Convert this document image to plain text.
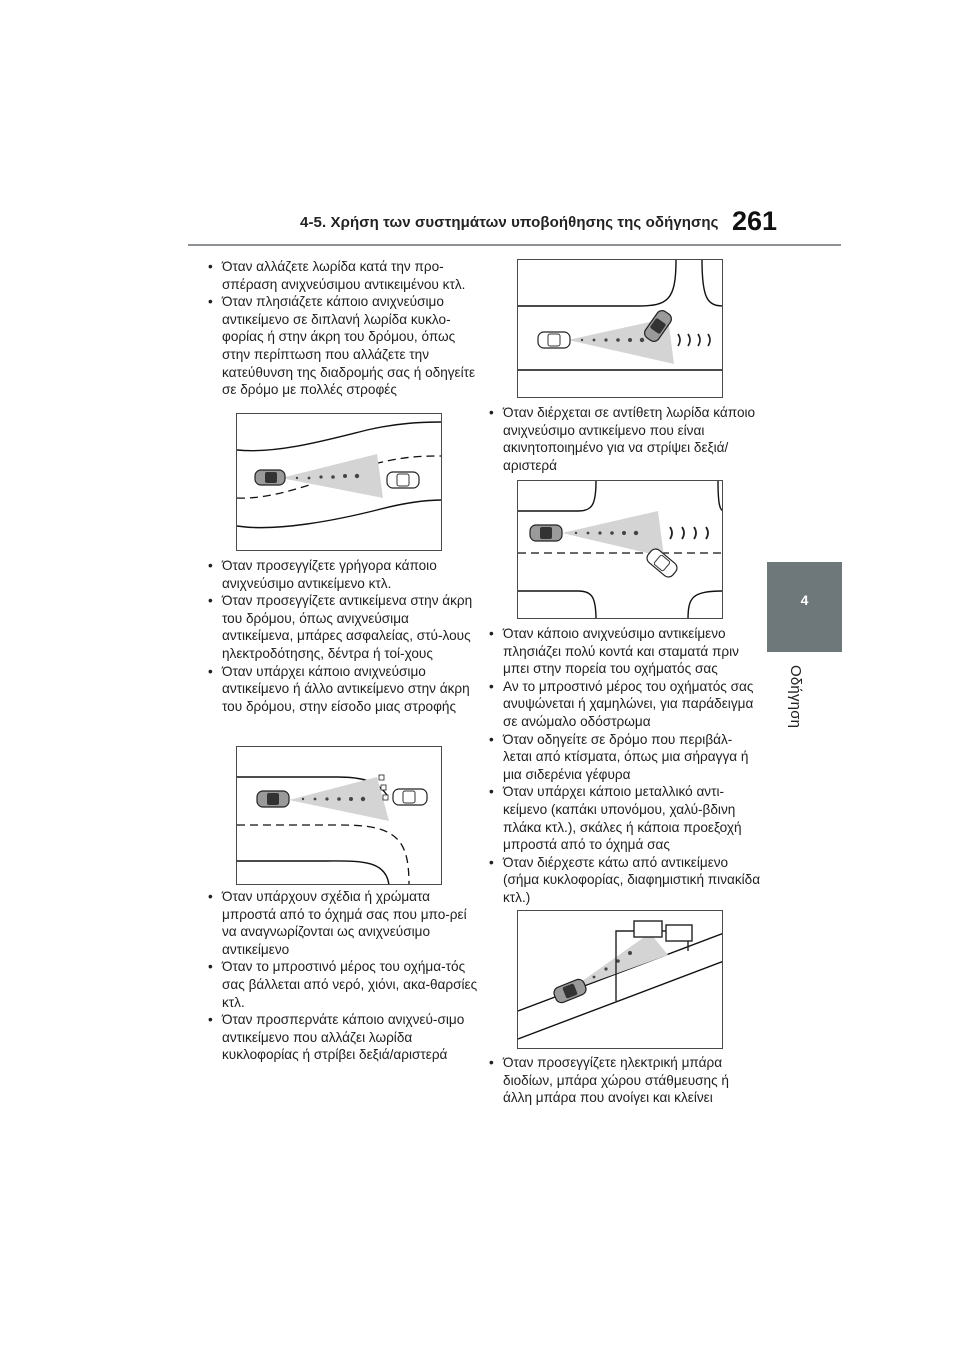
4-5. Χρήση των συστημάτων υποβοήθησης της οδήγησης 261
4
Οδήγηση
• Όταν αλλάζετε λωρίδα κατά την προ-σπέραση ανιχνεύσιμου αντικειμένου κτλ.
• Όταν πλησιάζετε κάποιο ανιχνεύσιμο αντικείμενο σε διπλανή λωρίδα κυκλο-φορίας ή στην άκρη του δρόμου, όπως στην περίπτωση που αλλάζετε την κατεύθυνση της διαδρομής σας ή οδηγείτε σε δρόμο με πολλές στροφές
• Όταν προσεγγίζετε γρήγορα κάποιο ανιχνεύσιμο αντικείμενο κτλ.
• Όταν προσεγγίζετε αντικείμενα στην άκρη του δρόμου, όπως ανιχνεύσιμα αντικείμενα, μπάρες ασφαλείας, στύ-λους ηλεκτροδότησης, δέντρα ή τοί-χους
• Όταν υπάρχει κάποιο ανιχνεύσιμο αντικείμενο ή άλλο αντικείμενο στην άκρη του δρόμου, στην είσοδο μιας στροφής
• Όταν υπάρχουν σχέδια ή χρώματα μπροστά από το όχημά σας που μπο-ρεί να αναγνωρίζονται ως ανιχνεύσιμο αντικείμενο
• Όταν το μπροστινό μέρος του οχήμα-τός σας βάλλεται από νερό, χιόνι, ακα-θαρσίες κτλ.
• Όταν προσπερνάτε κάποιο ανιχνεύ-σιμο αντικείμενο που αλλάζει λωρίδα κυκλοφορίας ή στρίβει δεξιά/αριστερά
• Όταν διέρχεται σε αντίθετη λωρίδα κάποιο ανιχνεύσιμο αντικείμενο που είναι ακινητοποιημένο για να στρίψει δεξιά/αριστερά
• Όταν κάποιο ανιχνεύσιμο αντικείμενο πλησιάζει πολύ κοντά και σταματά πριν μπει στην πορεία του οχήματός σας
• Αν το μπροστινό μέρος του οχήματός σας ανυψώνεται ή χαμηλώνει, για παράδειγμα σε ανώμαλο οδόστρωμα
• Όταν οδηγείτε σε δρόμο που περιβάλ-λεται από κτίσματα, όπως μια σήραγγα ή μια σιδερένια γέφυρα
• Όταν υπάρχει κάποιο μεταλλικό αντι-κείμενο (καπάκι υπονόμου, χαλύ-βδινη πλάκα κτλ.), σκάλες ή κάποια προεξοχή μπροστά από το όχημά σας
• Όταν διέρχεστε κάτω από αντικείμενο (σήμα κυκλοφορίας, διαφημιστική πινακίδα κτλ.)
• Όταν προσεγγίζετε ηλεκτρική μπάρα διοδίων, μπάρα χώρου στάθμευσης ή άλλη μπάρα που ανοίγει και κλείνει
